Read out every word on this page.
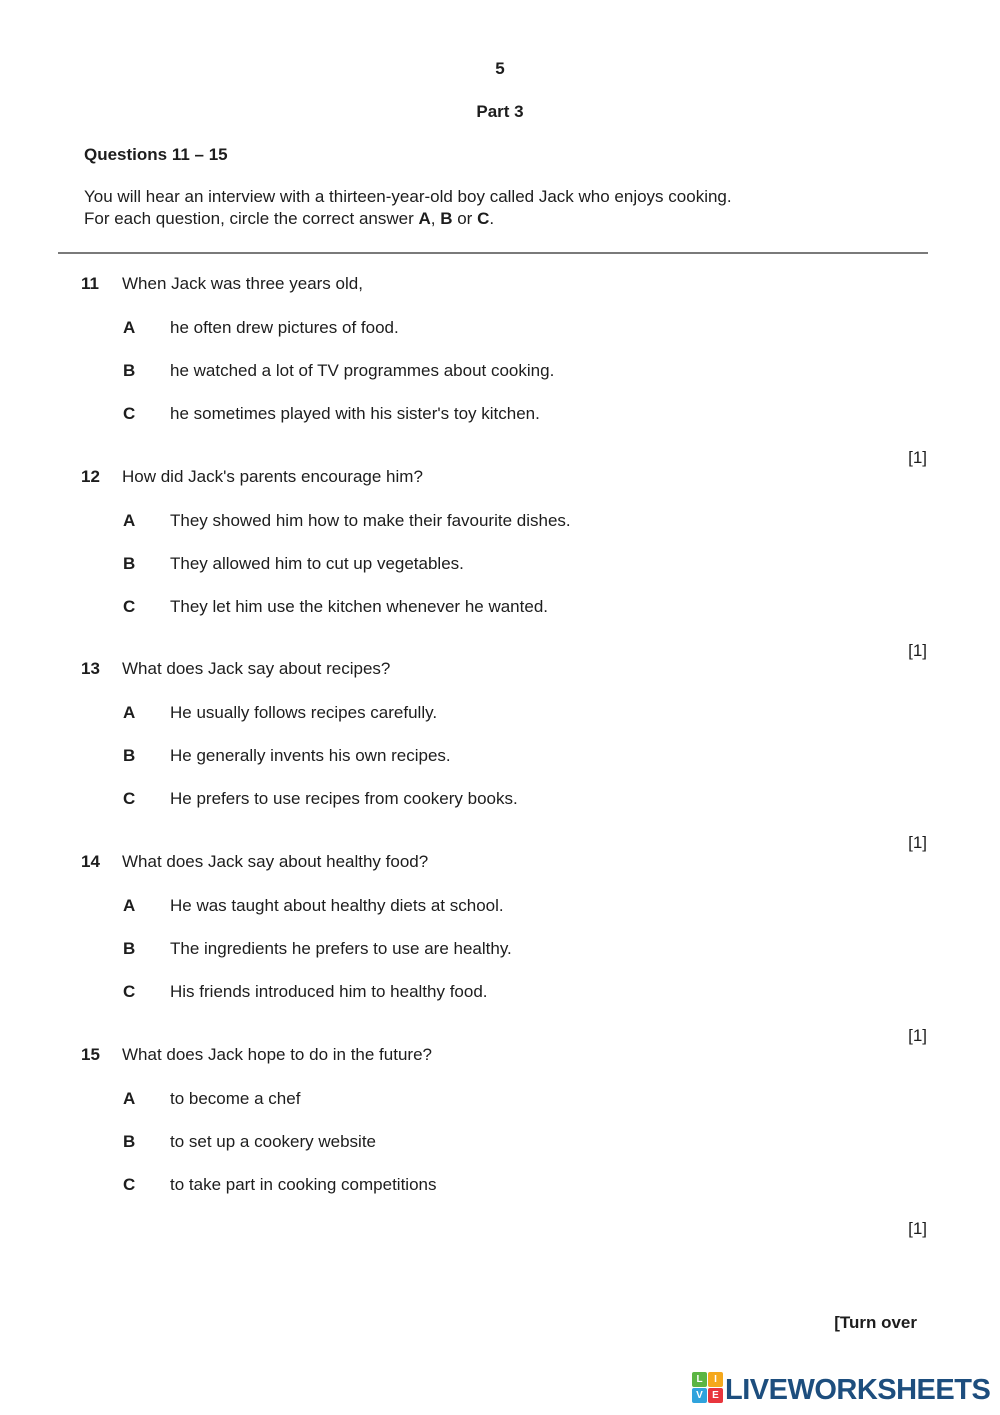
5
Part 3
Questions 11 – 15
You will hear an interview with a thirteen-year-old boy called Jack who enjoys cooking.
For each question, circle the correct answer A, B or C.
11 When Jack was three years old,
A he often drew pictures of food.
B he watched a lot of TV programmes about cooking.
C he sometimes played with his sister's toy kitchen.
[1]
12 How did Jack's parents encourage him?
A They showed him how to make their favourite dishes.
B They allowed him to cut up vegetables.
C They let him use the kitchen whenever he wanted.
[1]
13 What does Jack say about recipes?
A He usually follows recipes carefully.
B He generally invents his own recipes.
C He prefers to use recipes from cookery books.
[1]
14 What does Jack say about healthy food?
A He was taught about healthy diets at school.
B The ingredients he prefers to use are healthy.
C His friends introduced him to healthy food.
[1]
15 What does Jack hope to do in the future?
A to become a chef
B to set up a cookery website
C to take part in cooking competitions
[1]
[Turn over
L	I
V E LIVEWORKSHEETS
